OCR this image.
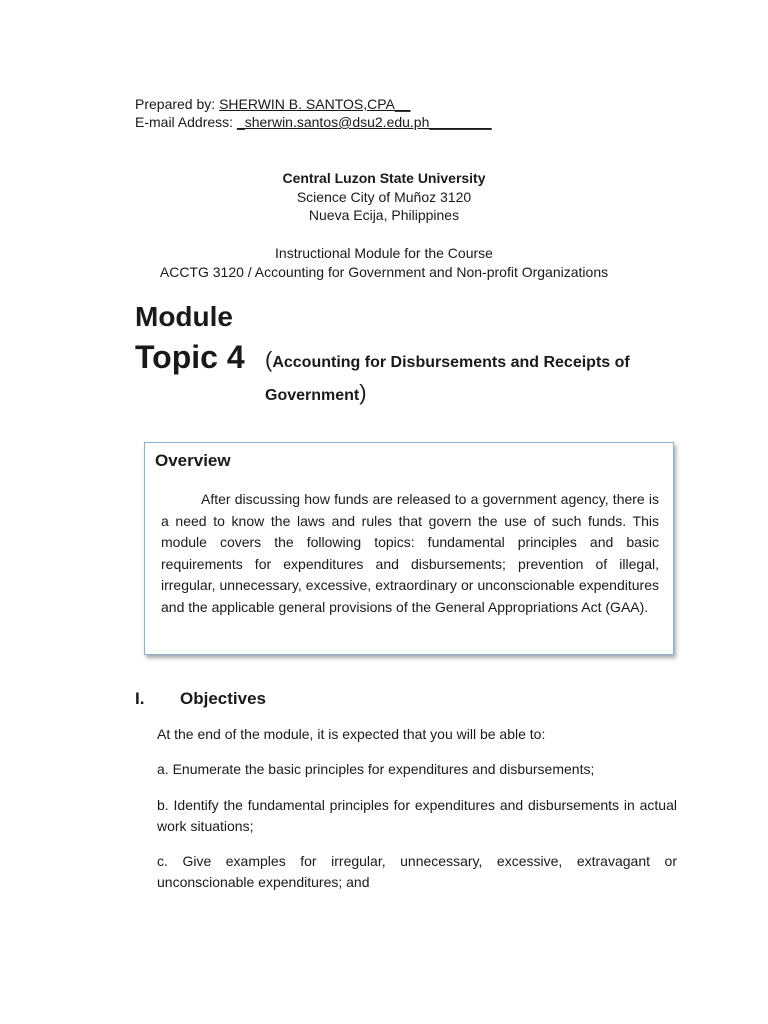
Prepared by: SHERWIN B. SANTOS,CPA__
E-mail Address: _sherwin.santos@dsu2.edu.ph________
Central Luzon State University
Science City of Muñoz 3120
Nueva Ecija, Philippines
Instructional Module for the Course
ACCTG 3120 / Accounting for Government and Non-profit Organizations
Module
Topic 4 (Accounting for Disbursements and Receipts of Government)
Overview
After discussing how funds are released to a government agency, there is a need to know the laws and rules that govern the use of such funds. This module covers the following topics: fundamental principles and basic requirements for expenditures and disbursements; prevention of illegal, irregular, unnecessary, excessive, extraordinary or unconscionable expenditures and the applicable general provisions of the General Appropriations Act (GAA).
I. Objectives
At the end of the module, it is expected that you will be able to:
a. Enumerate the basic principles for expenditures and disbursements;
b. Identify the fundamental principles for expenditures and disbursements in actual work situations;
c. Give examples for irregular, unnecessary, excessive, extravagant or unconscionable expenditures; and
